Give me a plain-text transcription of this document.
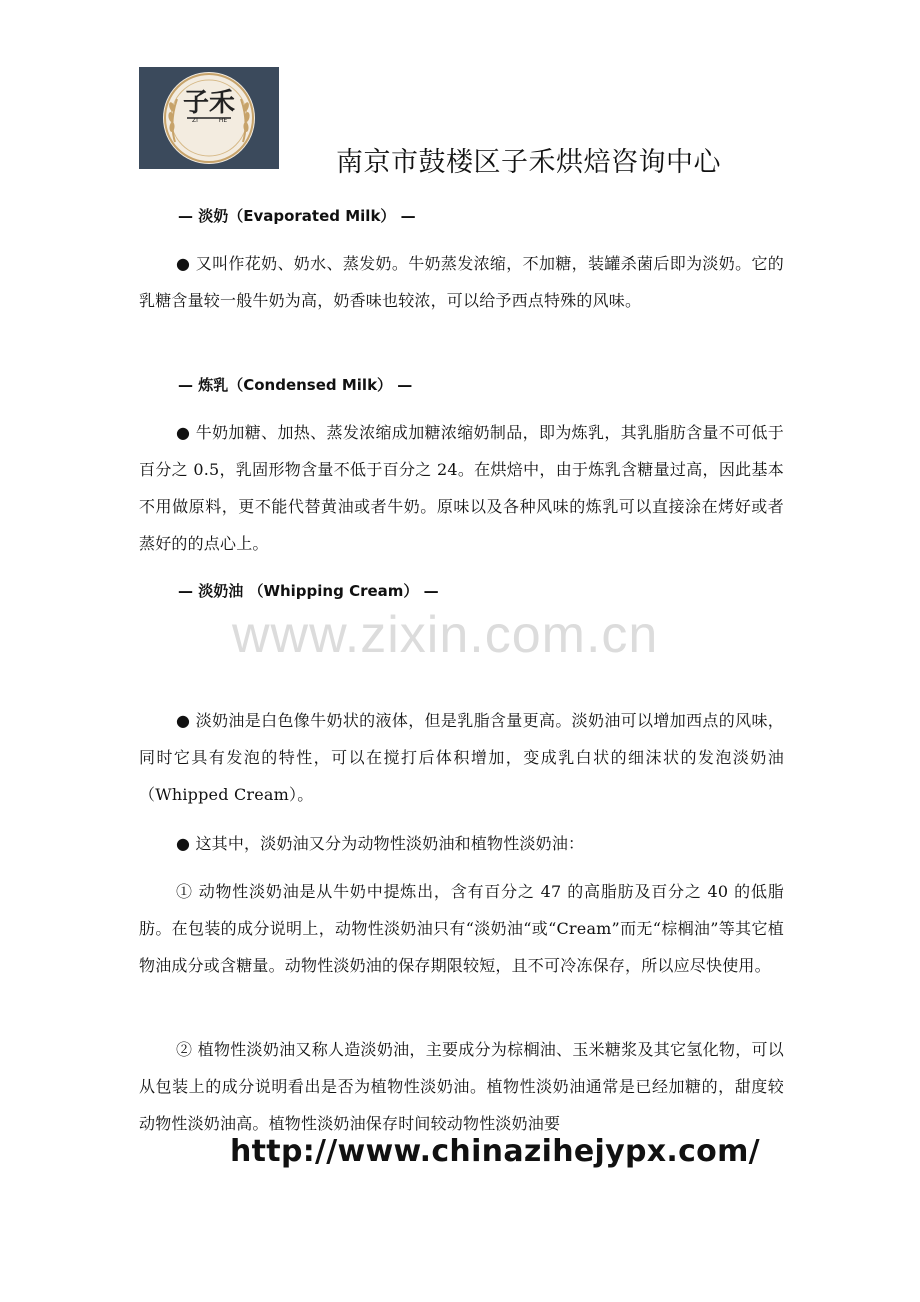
子禾
ZI	HE
南京市鼓楼区子禾烘焙咨询中心
— 淡奶（Evaporated Milk） —
● 又叫作花奶、奶水、蒸发奶。牛奶蒸发浓缩，不加糖，装罐杀菌后即为淡奶。它的乳糖含量较一般牛奶为高，奶香味也较浓，可以给予西点特殊的风味。
— 炼乳（Condensed Milk） —
● 牛奶加糖、加热、蒸发浓缩成加糖浓缩奶制品，即为炼乳，其乳脂肪含量不可低于百分之 0.5，乳固形物含量不低于百分之 24。在烘焙中，由于炼乳含糖量过高，因此基本不用做原料，更不能代替黄油或者牛奶。原味以及各种风味的炼乳可以直接涂在烤好或者蒸好的的点心上。
— 淡奶油 （Whipping Cream） —
www.zixin.com.cn
● 淡奶油是白色像牛奶状的液体，但是乳脂含量更高。淡奶油可以增加西点的风味，同时它具有发泡的特性，可以在搅打后体积增加，变成乳白状的细沫状的发泡淡奶油（Whipped Cream）。
● 这其中，淡奶油又分为动物性淡奶油和植物性淡奶油：
① 动物性淡奶油是从牛奶中提炼出，含有百分之 47 的高脂肪及百分之 40 的低脂肪。在包装的成分说明上，动物性淡奶油只有“淡奶油“或“Cream”而无“棕榈油”等其它植物油成分或含糖量。动物性淡奶油的保存期限较短，且不可冷冻保存，所以应尽快使用。
② 植物性淡奶油又称人造淡奶油，主要成分为棕榈油、玉米糖浆及其它氢化物，可以从包装上的成分说明看出是否为植物性淡奶油。植物性淡奶油通常是已经加糖的，甜度较动物性淡奶油高。植物性淡奶油保存时间较动物性淡奶油要
http://www.chinazihejypx.com/
